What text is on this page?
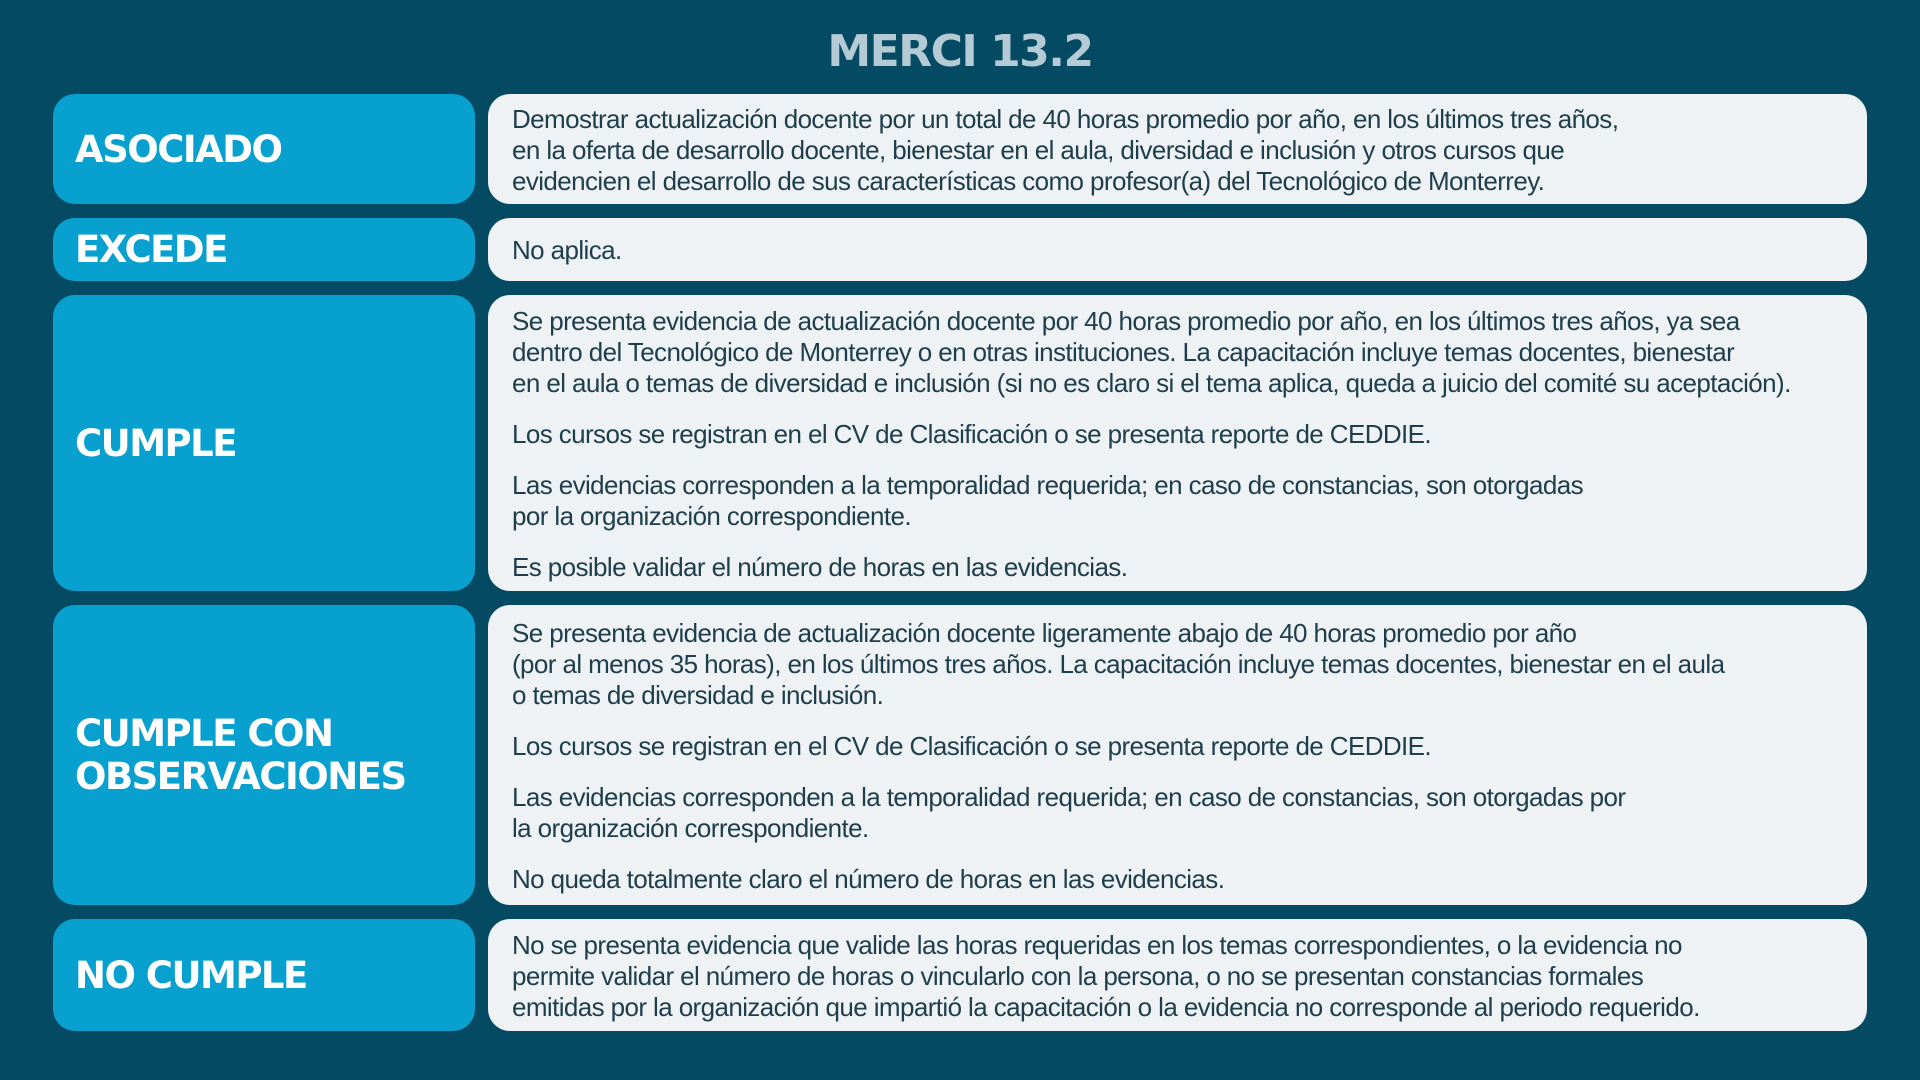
MERCI 13.2
ASOCIADO

Demostrar actualización docente por un total de 40 horas promedio por año, en los últimos tres años,
en la oferta de desarrollo docente, bienestar en el aula, diversidad e inclusión y otros cursos que
evidencien el desarrollo de sus características como profesor(a) del Tecnológico de Monterrey.

EXCEDE	No aplica.

CUMPLE

Se presenta evidencia de actualización docente por 40 horas promedio por año, en los últimos tres años, ya sea
dentro del Tecnológico de Monterrey o en otras instituciones. La capacitación incluye temas docentes, bienestar
en el aula o temas de diversidad e inclusión (si no es claro si el tema aplica, queda a juicio del comité su aceptación).

Los cursos se registran en el CV de Clasificación o se presenta reporte de CEDDIE.

Las evidencias corresponden a la temporalidad requerida; en caso de constancias, son otorgadas
por la organización correspondiente.

Es posible validar el número de horas en las evidencias.

CUMPLE CON
OBSERVACIONES

Se presenta evidencia de actualización docente ligeramente abajo de 40 horas promedio por año
(por al menos 35 horas), en los últimos tres años. La capacitación incluye temas docentes, bienestar en el aula
o temas de diversidad e inclusión.

Los cursos se registran en el CV de Clasificación o se presenta reporte de CEDDIE.

Las evidencias corresponden a la temporalidad requerida; en caso de constancias, son otorgadas por
la organización correspondiente.

No queda totalmente claro el número de horas en las evidencias.

NO CUMPLE

No se presenta evidencia que valide las horas requeridas en los temas correspondientes, o la evidencia no
permite validar el número de horas o vincularlo con la persona, o no se presentan constancias formales
emitidas por la organización que impartió la capacitación o la evidencia no corresponde al periodo requerido.
